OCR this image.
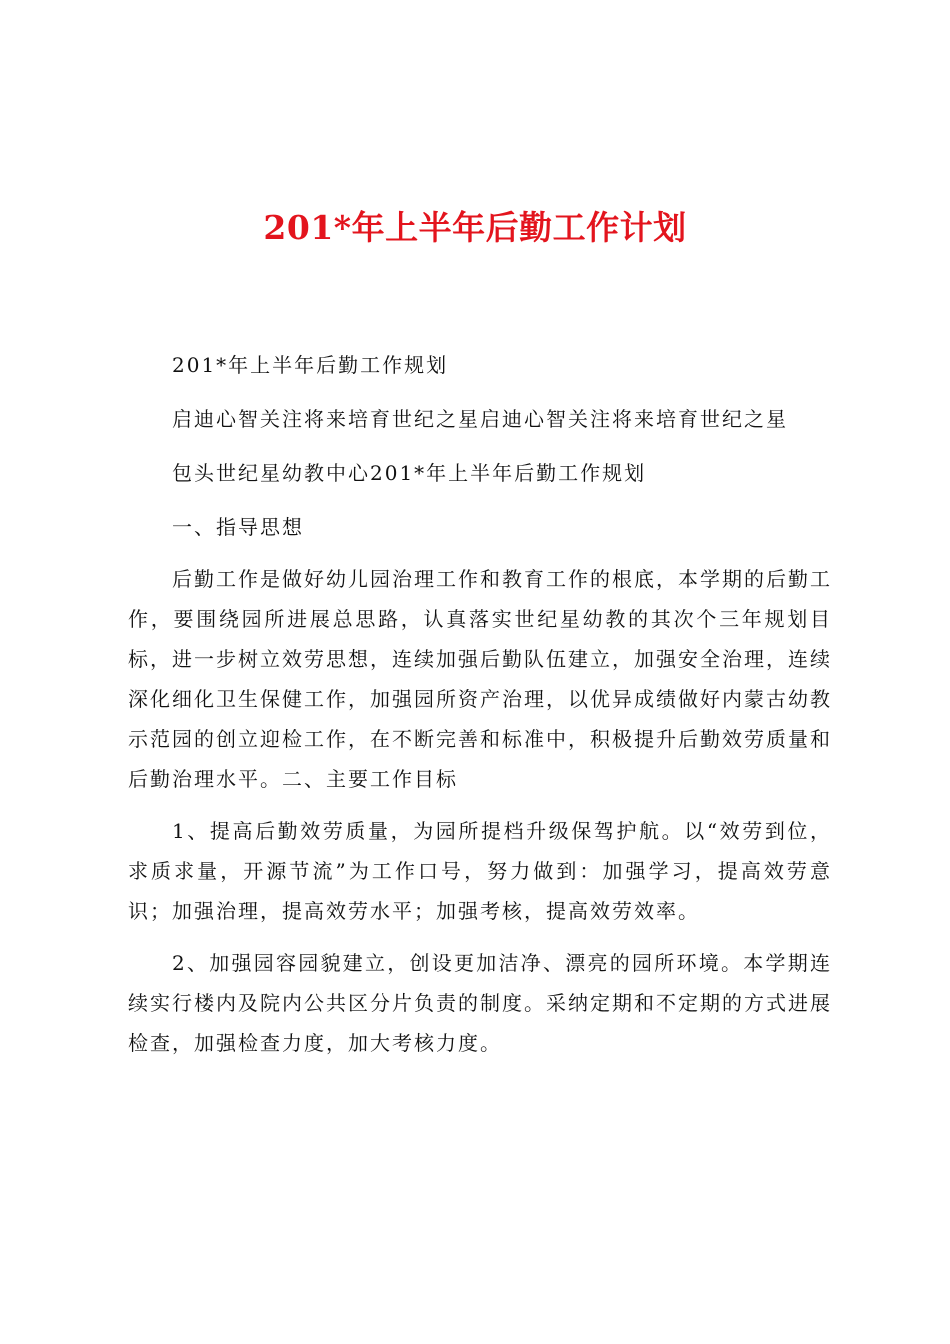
201*年上半年后勤工作计划

201*年上半年后勤工作规划

启迪心智关注将来培育世纪之星启迪心智关注将来培育世纪之星

包头世纪星幼教中心201*年上半年后勤工作规划

一、指导思想

后勤工作是做好幼儿园治理工作和教育工作的根底，本学期的后勤工作，要围绕园所进展总思路，认真落实世纪星幼教的其次个三年规划目标，进一步树立效劳思想，连续加强后勤队伍建立，加强安全治理，连续深化细化卫生保健工作，加强园所资产治理，以优异成绩做好内蒙古幼教示范园的创立迎检工作，在不断完善和标准中，积极提升后勤效劳质量和后勤治理水平。二、主要工作目标

1、提高后勤效劳质量，为园所提档升级保驾护航。以“效劳到位，求质求量，开源节流”为工作口号，努力做到：加强学习，提高效劳意识；加强治理，提高效劳水平；加强考核，提高效劳效率。

2、加强园容园貌建立，创设更加洁净、漂亮的园所环境。本学期连续实行楼内及院内公共区分片负责的制度。采纳定期和不定期的方式进展检查，加强检查力度，加大考核力度。
